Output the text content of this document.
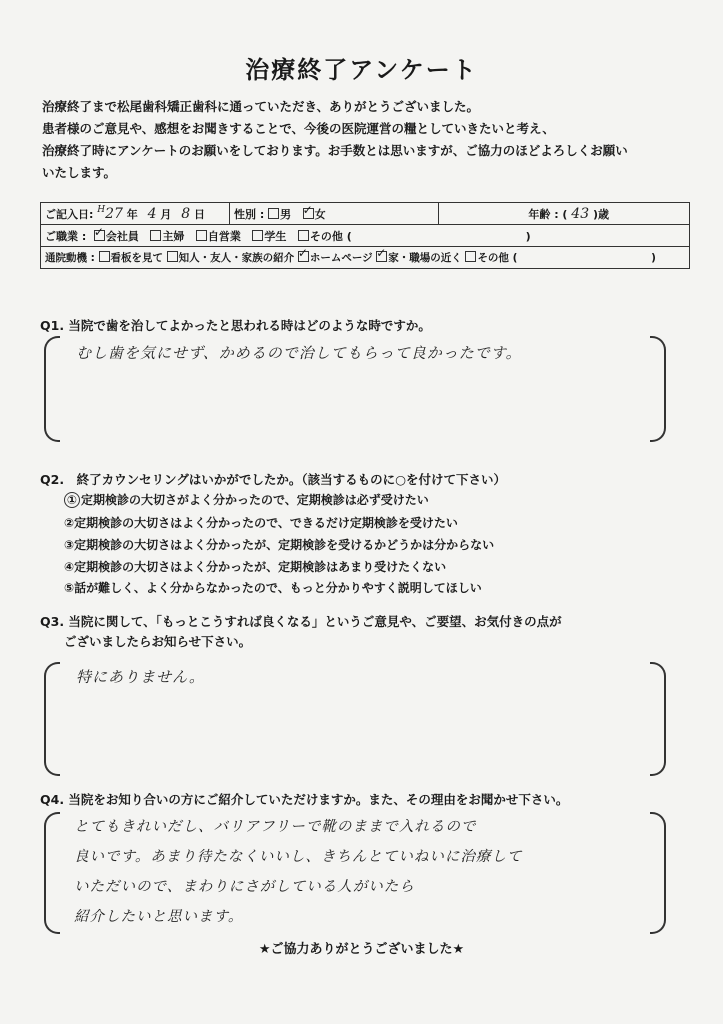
治療終了アンケート
治療終了まで松尾歯科矯正歯科に通っていただき、ありがとうございました。
患者様のご意見や、感想をお聞きすることで、今後の医院運営の糧としていきたいと考え、
治療終了時にアンケートのお願いをしております。お手数とは思いますが、ご協力のほどよろしくお願い
いたします。
ご記入日: $^H$27 年 4 月 8 日	性別 : 男 ✓ 女	年齢 : ( 43 )歳
ご職業 : ✓ 会社員 主婦 自営業 学生 その他 (	)
通院動機 : 看板を見て 知人・友人・家族の紹介 ✓ ホームページ ✓ 家・職場の近く その他 (	)
Q1. 当院で歯を治してよかったと思われる時はどのような時ですか。
むし歯を気にせず、かめるので治してもらって良かったです。
Q2.　終了カウンセリングはいかがでしたか。（該当するものに○を付けて下さい）
① 定期検診の大切さがよく分かったので、定期検診は必ず受けたい
②定期検診の大切さはよく分かったので、できるだけ定期検診を受けたい
③定期検診の大切さはよく分かったが、定期検診を受けるかどうかは分からない
④定期検診の大切さはよく分かったが、定期検診はあまり受けたくない
⑤話が難しく、よく分からなかったので、もっと分かりやすく説明してほしい
Q3. 当院に関して、「もっとこうすれば良くなる」というご意見や、ご要望、お気付きの点が
ございましたらお知らせ下さい。
特にありません。
Q4. 当院をお知り合いの方にご紹介していただけますか。また、その理由をお聞かせ下さい。
とてもきれいだし、バリアフリーで靴のままで入れるので
良いです。あまり待たなくいいし、きちんとていねいに治療して
いただいので、まわりにさがしている人がいたら
紹介したいと思います。
★ご協力ありがとうございました★
